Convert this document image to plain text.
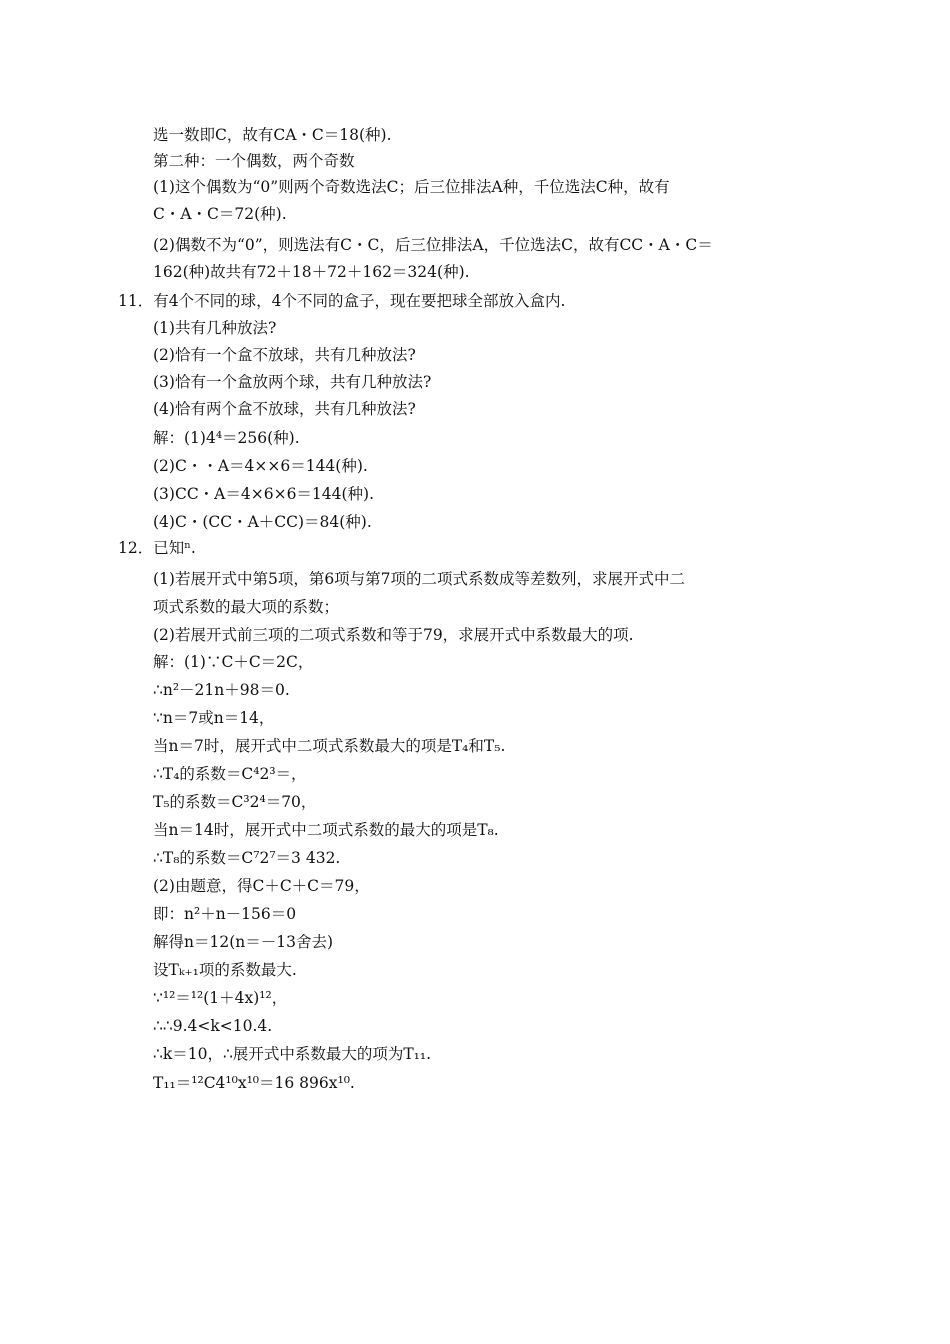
选一数即C，故有CA・C＝18(种).
第二种：一个偶数，两个奇数
(1)这个偶数为“0”则两个奇数选法C；后三位排法A种，千位选法C种，故有
C・A・C＝72(种).
(2)偶数不为“0”，则选法有C・C，后三位排法A，千位选法C，故有CC・A・C＝
162(种)故共有72＋18＋72＋162＝324(种).
11．有4个不同的球，4个不同的盒子，现在要把球全部放入盒内.
(1)共有几种放法?
(2)恰有一个盒不放球，共有几种放法?
(3)恰有一个盒放两个球，共有几种放法?
(4)恰有两个盒不放球，共有几种放法?
解：(1)4⁴＝256(种).
(2)C・・A＝4××6＝144(种).
(3)CC・A＝4×6×6＝144(种).
(4)C・(CC・A＋CC)＝84(种).
12．已知ⁿ.
(1)若展开式中第5项，第6项与第7项的二项式系数成等差数列，求展开式中二
项式系数的最大项的系数；
(2)若展开式前三项的二项式系数和等于79，求展开式中系数最大的项.
解：(1)∵C＋C＝2C，
∴n²－21n＋98＝0.
∵n＝7或n＝14，
当n＝7时，展开式中二项式系数最大的项是T₄和T₅.
∴T₄的系数＝C⁴2³＝，
T₅的系数＝C³2⁴＝70，
当n＝14时，展开式中二项式系数的最大的项是T₈.
∴T₈的系数＝C⁷2⁷＝3 432.
(2)由题意，得C＋C＋C＝79，
即：n²＋n－156＝0
解得n＝12(n＝－13舍去)
设Tₖ₊₁项的系数最大.
∵¹²＝¹²(1＋4x)¹²，
∴∴9.4<k<10.4.
∴k＝10，∴展开式中系数最大的项为T₁₁.
T₁₁＝¹²C4¹⁰x¹⁰＝16 896x¹⁰.
